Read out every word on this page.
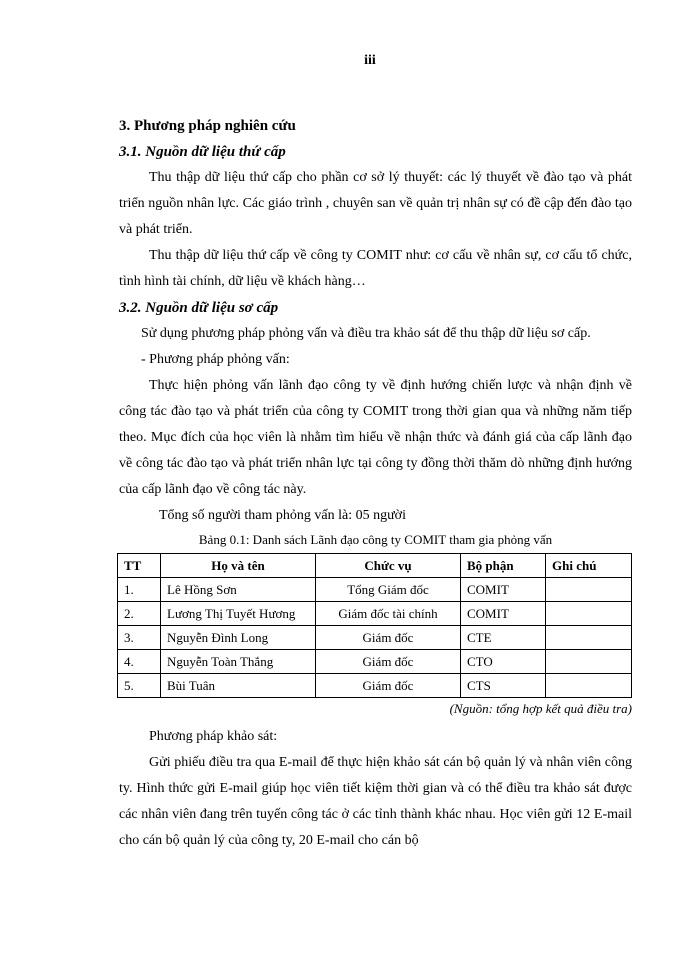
iii

3. Phương pháp nghiên cứu

3.1. Nguồn dữ liệu thứ cấp

Thu thập dữ liệu thứ cấp cho phần cơ sở lý thuyết: các lý thuyết về đào tạo và phát triển nguồn nhân lực. Các giáo trình , chuyên san về quản trị nhân sự có đề cập đến đào tạo và phát triển.

Thu thập dữ liệu thứ cấp về công ty COMIT như: cơ cấu về nhân sự, cơ cấu tổ chức, tình hình tài chính, dữ liệu về khách hàng…

3.2. Nguồn dữ liệu sơ cấp

Sử dụng phương pháp phỏng vấn và điều tra khảo sát để thu thập dữ liệu sơ cấp.

- Phương pháp phỏng vấn:

Thực hiện phỏng vấn lãnh đạo công ty về định hướng chiến lược và nhận định về công tác đào tạo và phát triển của công ty COMIT trong thời gian qua và những năm tiếp theo. Mục đích của học viên là nhằm tìm hiểu về nhận thức và đánh giá của cấp lãnh đạo về công tác đào tạo và phát triển nhân lực tại công ty đồng thời thăm dò những định hướng của cấp lãnh đạo về công tác này.

Tổng số người tham phỏng vấn là: 05 người

Bảng 0.1: Danh sách Lãnh đạo công ty COMIT tham gia phỏng vấn

TT	Họ và tên	Chức vụ	Bộ phận	Ghi chú
1.	Lê Hồng Sơn	Tổng Giám đốc	COMIT	
2.	Lương Thị Tuyết Hương	Giám đốc tài chính	COMIT	
3.	Nguyễn Đình Long	Giám đốc	CTE	
4.	Nguyễn Toàn Thắng	Giám đốc	CTO	
5.	Bùi Tuân	Giám đốc	CTS	

(Nguồn: tổng hợp kết quả điều tra)

Phương pháp khảo sát:

Gửi phiếu điều tra qua E-mail để thực hiện khảo sát cán bộ quản lý và nhân viên công ty. Hình thức gửi E-mail giúp học viên tiết kiệm thời gian và có thể điều tra khảo sát được các nhân viên đang trên tuyến công tác ở các tỉnh thành khác nhau. Học viên gửi 12 E-mail cho cán bộ quản lý của công ty, 20 E-mail cho cán bộ
